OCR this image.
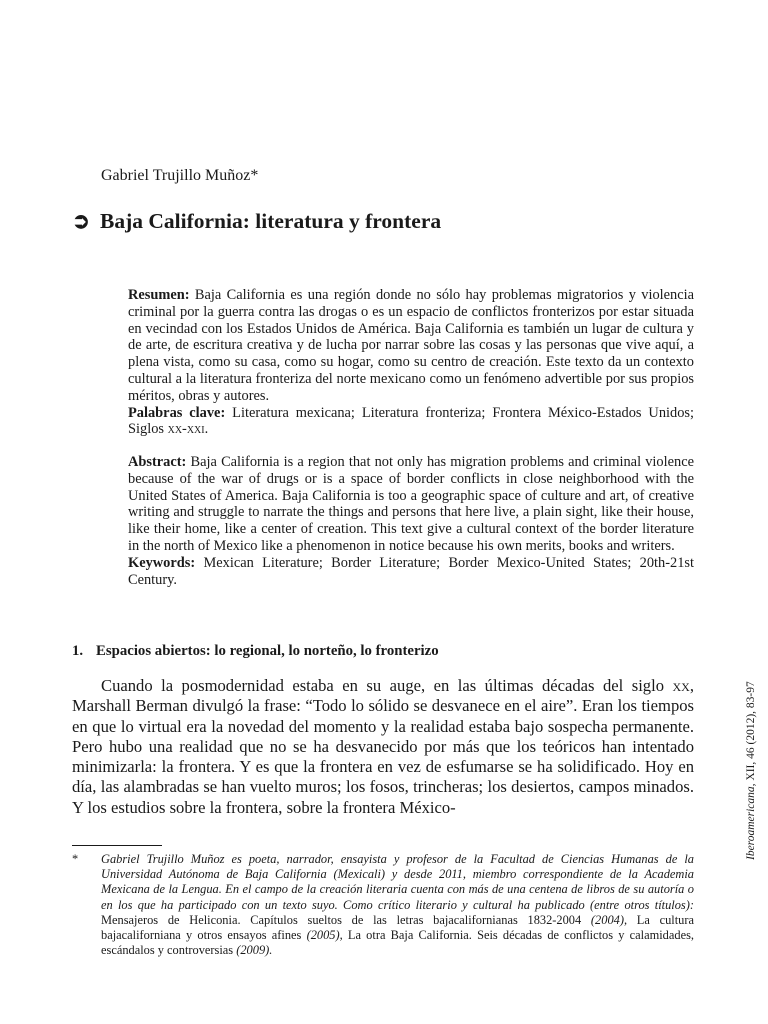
Gabriel Trujillo Muñoz*
➲ Baja California: literatura y frontera

Resumen: Baja California es una región donde no sólo hay problemas migratorios y violencia criminal por la guerra contra las drogas o es un espacio de conflictos fronterizos por estar situada en vecindad con los Estados Unidos de América. Baja California es también un lugar de cultura y de arte, de escritura creativa y de lucha por narrar sobre las cosas y las personas que vive aquí, a plena vista, como su casa, como su hogar, como su centro de creación. Este texto da un contexto cultural a la literatura fronteriza del norte mexicano como un fenómeno advertible por sus propios méritos, obras y autores.

Palabras clave: Literatura mexicana; Literatura fronteriza; Frontera México-Estados Unidos; Siglos xx-xxi.

Abstract: Baja California is a region that not only has migration problems and criminal violence because of the war of drugs or is a space of border conflicts in close neighborhood with the United States of America. Baja California is too a geographic space of culture and art, of creative writing and struggle to narrate the things and persons that here live, a plain sight, like their house, like their home, like a center of creation. This text give a cultural context of the border literature in the north of Mexico like a phenomenon in notice because his own merits, books and writers.

Keywords: Mexican Literature; Border Literature; Border Mexico-United States; 20th-21st Century.

1. Espacios abiertos: lo regional, lo norteño, lo fronterizo

Cuando la posmodernidad estaba en su auge, en las últimas décadas del siglo xx, Marshall Berman divulgó la frase: “Todo lo sólido se desvanece en el aire”. Eran los tiempos en que lo virtual era la novedad del momento y la realidad estaba bajo sospecha permanente. Pero hubo una realidad que no se ha desvanecido por más que los teóricos han intentado minimizarla: la frontera. Y es que la frontera en vez de esfumarse se ha solidificado. Hoy en día, las alambradas se han vuelto muros; los fosos, trincheras; los desiertos, campos minados. Y los estudios sobre la frontera, sobre la frontera México-

*	Gabriel Trujillo Muñoz es poeta, narrador, ensayista y profesor de la Facultad de Ciencias Humanas de la Universidad Autónoma de Baja California (Mexicali) y desde 2011, miembro correspondiente de la Academia Mexicana de la Lengua. En el campo de la creación literaria cuenta con más de una centena de libros de su autoría o en los que ha participado con un texto suyo. Como crítico literario y cultural ha publicado (entre otros títulos): Mensajeros de Heliconia. Capítulos sueltos de las letras bajacalifornianas 1832-2004 (2004), La cultura bajacaliforniana y otros ensayos afines (2005), La otra Baja California. Seis décadas de conflictos y calamidades, escándalos y controversias (2009).

Iberoamericana, XII, 46 (2012), 83-97
